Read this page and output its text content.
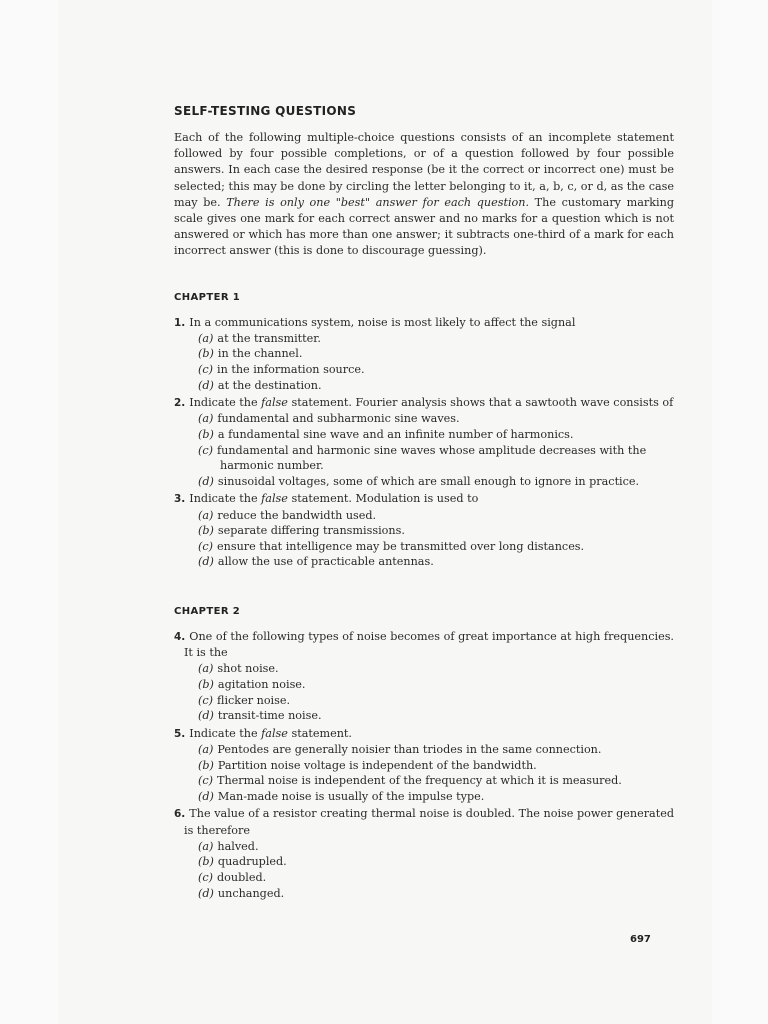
SELF-TESTING QUESTIONS

Each of the following multiple-choice questions consists of an incomplete statement followed by four possible completions, or of a question followed by four possible answers. In each case the desired response (be it the correct or incorrect one) must be selected; this may be done by circling the letter belonging to it, a, b, c, or d, as the case may be. There is only one "best" answer for each question. The customary marking scale gives one mark for each correct answer and no marks for a question which is not answered or which has more than one answer; it subtracts one-third of a mark for each incorrect answer (this is done to discourage guessing).

CHAPTER 1
1. In a communications system, noise is most likely to affect the signal
(a) at the transmitter.
(b) in the channel.
(c) in the information source.
(d) at the destination.
2. Indicate the false statement. Fourier analysis shows that a sawtooth wave consists of
(a) fundamental and subharmonic sine waves.
(b) a fundamental sine wave and an infinite number of harmonics.
(c) fundamental and harmonic sine waves whose amplitude decreases with the harmonic number.
(d) sinusoidal voltages, some of which are small enough to ignore in practice.
3. Indicate the false statement. Modulation is used to
(a) reduce the bandwidth used.
(b) separate differing transmissions.
(c) ensure that intelligence may be transmitted over long distances.
(d) allow the use of practicable antennas.
CHAPTER 2
4. One of the following types of noise becomes of great importance at high frequencies. It is the
(a) shot noise.
(b) agitation noise.
(c) flicker noise.
(d) transit-time noise.
5. Indicate the false statement.
(a) Pentodes are generally noisier than triodes in the same connection.
(b) Partition noise voltage is independent of the bandwidth.
(c) Thermal noise is independent of the frequency at which it is measured.
(d) Man-made noise is usually of the impulse type.
6. The value of a resistor creating thermal noise is doubled. The noise power generated is therefore
(a) halved.
(b) quadrupled.
(c) doubled.
(d) unchanged.
697
